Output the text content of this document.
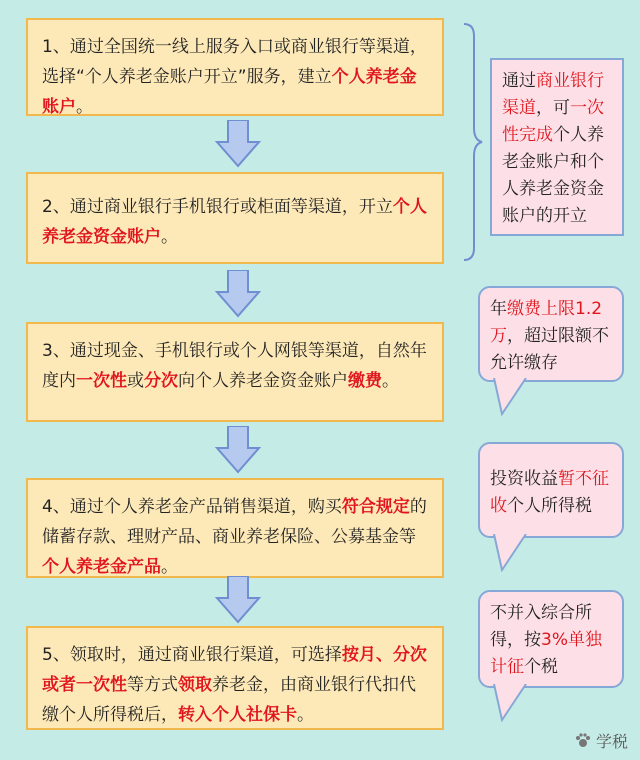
1、通过全国统一线上服务入口或商业银行等渠道，选择“个人养老金账户开立”服务，建立个人养老金账户。
2、通过商业银行手机银行或柜面等渠道，开立个人养老金资金账户。
3、通过现金、手机银行或个人网银等渠道，自然年度内一次性或分次向个人养老金资金账户缴费。
4、通过个人养老金产品销售渠道，购买符合规定的储蓄存款、理财产品、商业养老保险、公募基金等个人养老金产品。
5、领取时，通过商业银行渠道，可选择按月、分次或者一次性等方式领取养老金，由商业银行代扣代缴个人所得税后，转入个人社保卡。
通过商业银行渠道，可一次性完成个人养老金账户和个人养老金资金账户的开立
年缴费上限1.2万，超过限额不允许缴存
投资收益暂不征收个人所得税
不并入综合所得，按3%单独计征个税
学税
